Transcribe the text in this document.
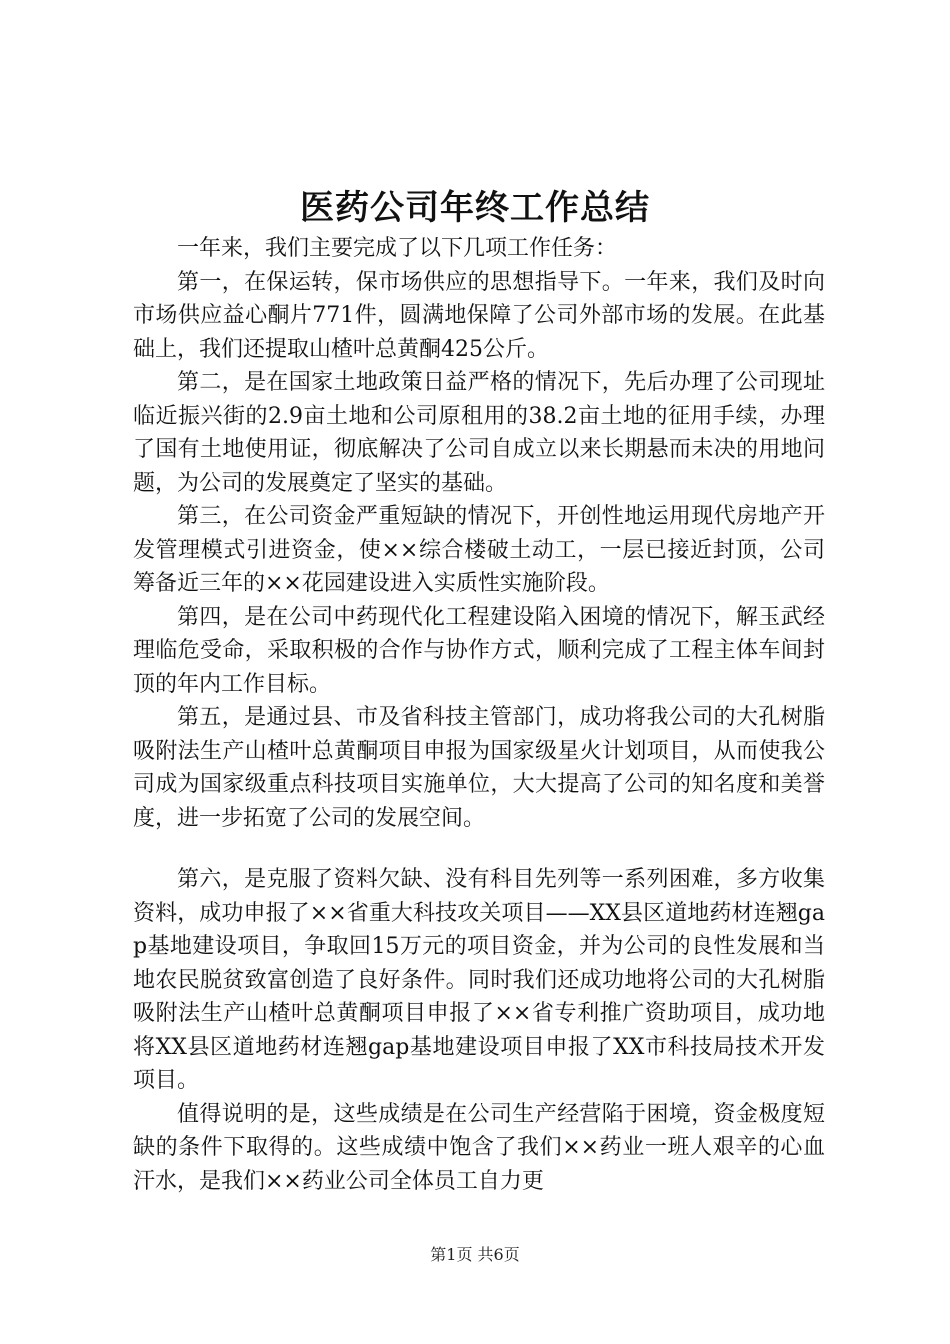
医药公司年终工作总结

一年来，我们主要完成了以下几项工作任务：

第一，在保运转，保市场供应的思想指导下。一年来，我们及时向市场供应益心酮片771件，圆满地保障了公司外部市场的发展。在此基础上，我们还提取山楂叶总黄酮425公斤。

第二，是在国家土地政策日益严格的情况下，先后办理了公司现址临近振兴街的2.9亩土地和公司原租用的38.2亩土地的征用手续，办理了国有土地使用证，彻底解决了公司自成立以来长期悬而未决的用地问题，为公司的发展奠定了坚实的基础。

第三，在公司资金严重短缺的情况下，开创性地运用现代房地产开发管理模式引进资金，使××综合楼破土动工，一层已接近封顶，公司筹备近三年的××花园建设进入实质性实施阶段。

第四，是在公司中药现代化工程建设陷入困境的情况下，解玉武经理临危受命，采取积极的合作与协作方式，顺利完成了工程主体车间封顶的年内工作目标。

第五，是通过县、市及省科技主管部门，成功将我公司的大孔树脂吸附法生产山楂叶总黄酮项目申报为国家级星火计划项目，从而使我公司成为国家级重点科技项目实施单位，大大提高了公司的知名度和美誉度，进一步拓宽了公司的发展空间。

第六，是克服了资料欠缺、没有科目先列等一系列困难，多方收集资料，成功申报了××省重大科技攻关项目——XX县区道地药材连翘gap基地建设项目，争取回15万元的项目资金，并为公司的良性发展和当地农民脱贫致富创造了良好条件。同时我们还成功地将公司的大孔树脂吸附法生产山楂叶总黄酮项目申报了××省专利推广资助项目，成功地将XX县区道地药材连翘gap基地建设项目申报了XX市科技局技术开发项目。

值得说明的是，这些成绩是在公司生产经营陷于困境，资金极度短缺的条件下取得的。这些成绩中饱含了我们××药业一班人艰辛的心血汗水，是我们××药业公司全体员工自力更

第1页 共6页
